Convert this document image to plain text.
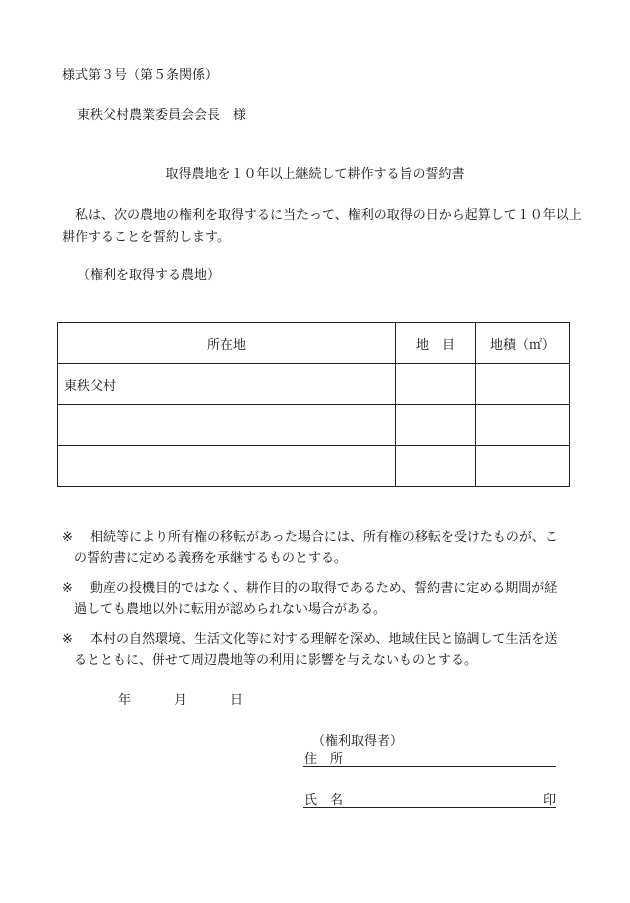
様式第３号（第５条関係）
東秩父村農業委員会会長　様
取得農地を１０年以上継続して耕作する旨の誓約書
　私は、次の農地の権利を取得するに当たって、権利の取得の日から起算して１０年以上耕作することを誓約します。
（権利を取得する農地）
所在地	地　目	地積（㎡）
東秩父村		

※	相続等により所有権の移転があった場合には、所有権の移転を受けたものが、こ
の誓約書に定める義務を承継するものとする。
※	動産の投機目的ではなく、耕作目的の取得であるため、誓約書に定める期間が経
過しても農地以外に転用が認められない場合がある。
※	本村の自然環境、生活文化等に対する理解を深め、地域住民と協調して生活を送
るとともに、併せて周辺農地等の利用に影響を与えないものとする。
年	月	日
（権利取得者）
住　所
氏　名	印
